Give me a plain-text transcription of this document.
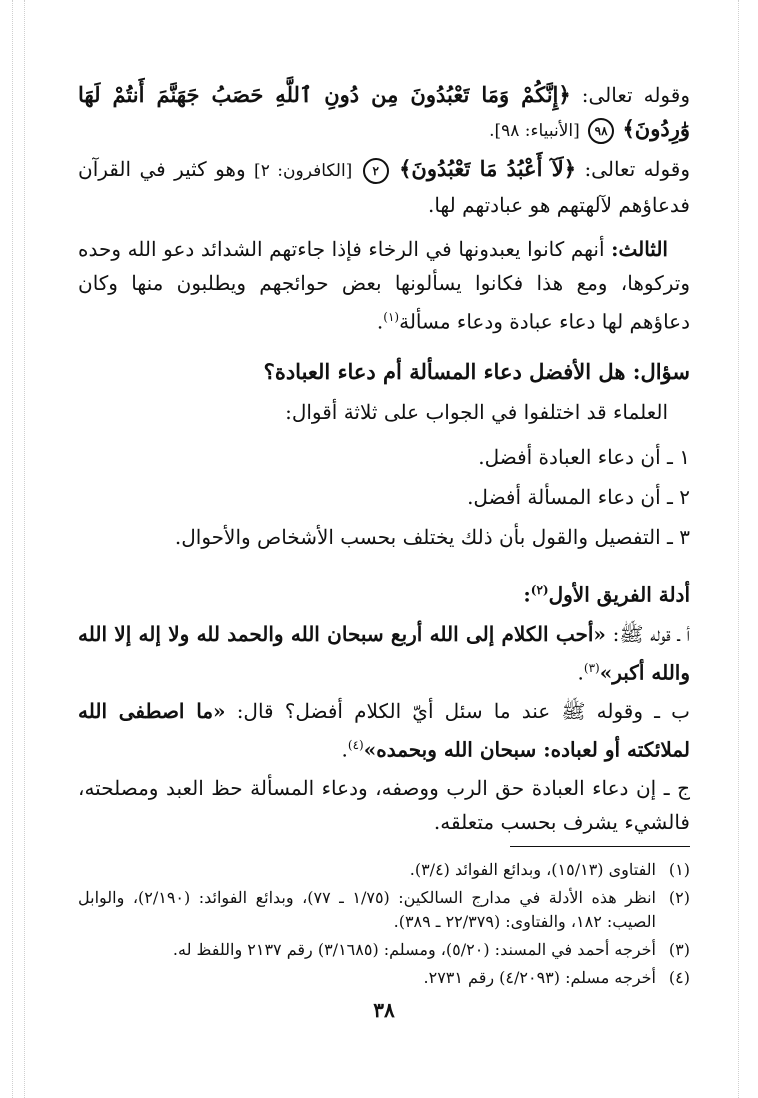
وقوله تعالى: ﴿إِنَّكُمْ وَمَا تَعْبُدُونَ مِن دُونِ ٱللَّهِ حَصَبُ جَهَنَّمَ أَنتُمْ لَهَا وَٰرِدُونَ﴾ ٩٨ [الأنبياء: ٩٨].

وقوله تعالى: ﴿لَآ أَعْبُدُ مَا تَعْبُدُونَ﴾ ٢ [الكافرون: ٢] وهو كثير في القرآن فدعاؤهم لآلهتهم هو عبادتهم لها.

الثالث: أنهم كانوا يعبدونها في الرخاء فإذا جاءتهم الشدائد دعو الله وحده وتركوها، ومع هذا فكانوا يسألونها بعض حوائجهم ويطلبون منها وكان دعاؤهم لها دعاء عبادة ودعاء مسألة$^{(١)}$.

سؤال: هل الأفضل دعاء المسألة أم دعاء العبادة؟

العلماء قد اختلفوا في الجواب على ثلاثة أقوال:

١ ـ أن دعاء العبادة أفضل.
٢ ـ أن دعاء المسألة أفضل.
٣ ـ التفصيل والقول بأن ذلك يختلف بحسب الأشخاص والأحوال.
أدلة الفريق الأول$^{(٢)}$:

أ ـ قوله ﷺ: «أحب الكلام إلى الله أربع سبحان الله والحمد لله ولا إله إلا الله والله أكبر»$^{(٣)}$.

ب ـ وقوله ﷺ عند ما سئل أيّ الكلام أفضل؟ قال: «ما اصطفى الله لملائكته أو لعباده: سبحان الله وبحمده»$^{(٤)}$.

ج ـ إن دعاء العبادة حق الرب ووصفه، ودعاء المسألة حظ العبد ومصلحته، فالشيء يشرف بحسب متعلقه.

(١)
الفتاوى (١٥/١٣)، وبدائع الفوائد (٣/٤).
(٢)
انظر هذه الأدلة في مدارج السالكين: (١/٧٥ ـ ٧٧)، وبدائع الفوائد: (٢/١٩٠)، والوابل الصيب: ١٨٢، والفتاوى: (٢٢/٣٧٩ ـ ٣٨٩).
(٣)
أخرجه أحمد في المسند: (٥/٢٠)، ومسلم: (٣/١٦٨٥) رقم ٢١٣٧ واللفظ له.
(٤)
أخرجه مسلم: (٤/٢٠٩٣) رقم ٢٧٣١.
٣٨
